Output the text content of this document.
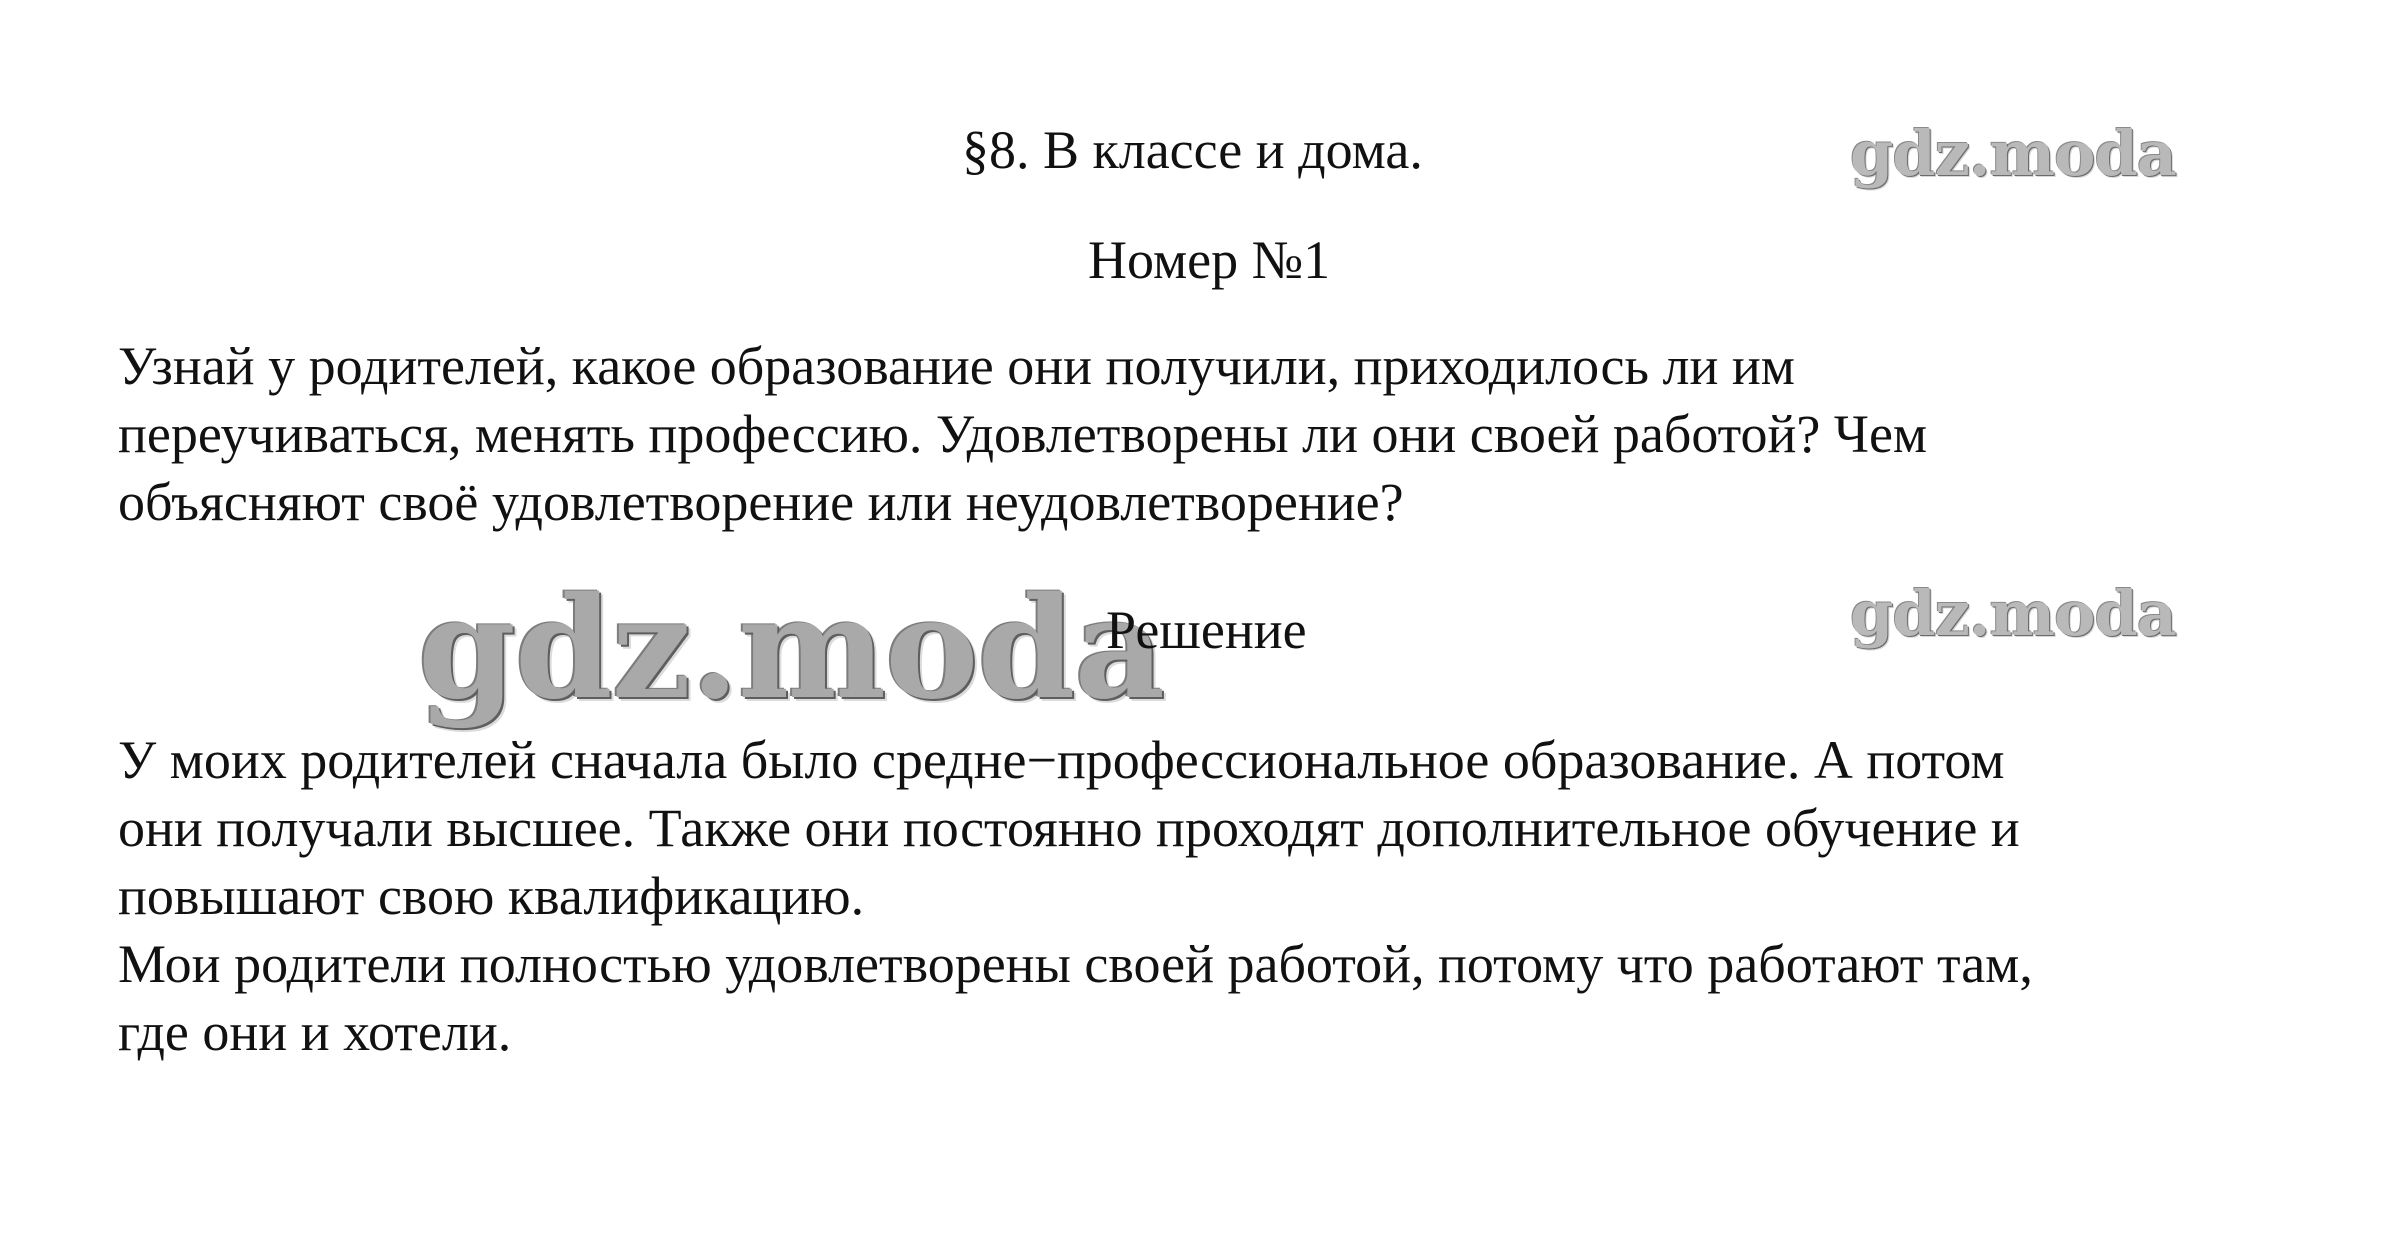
§8. В классе и дома.	gdz.moda
Номер №1
Узнай у родителей, какое образование они получили, приходилось ли им
переучиваться, менять профессию. Удовлетворены ли они своей работой? Чем
объясняют своё удовлетворение или неудовлетворение?
gdz.moda
Решение	gdz.moda
У моих родителей сначала было средне−профессиональное образование. А потом
они получали высшее. Также они постоянно проходят дополнительное обучение и
повышают свою квалификацию.
Мои родители полностью удовлетворены своей работой, потому что работают там,
где они и хотели.
